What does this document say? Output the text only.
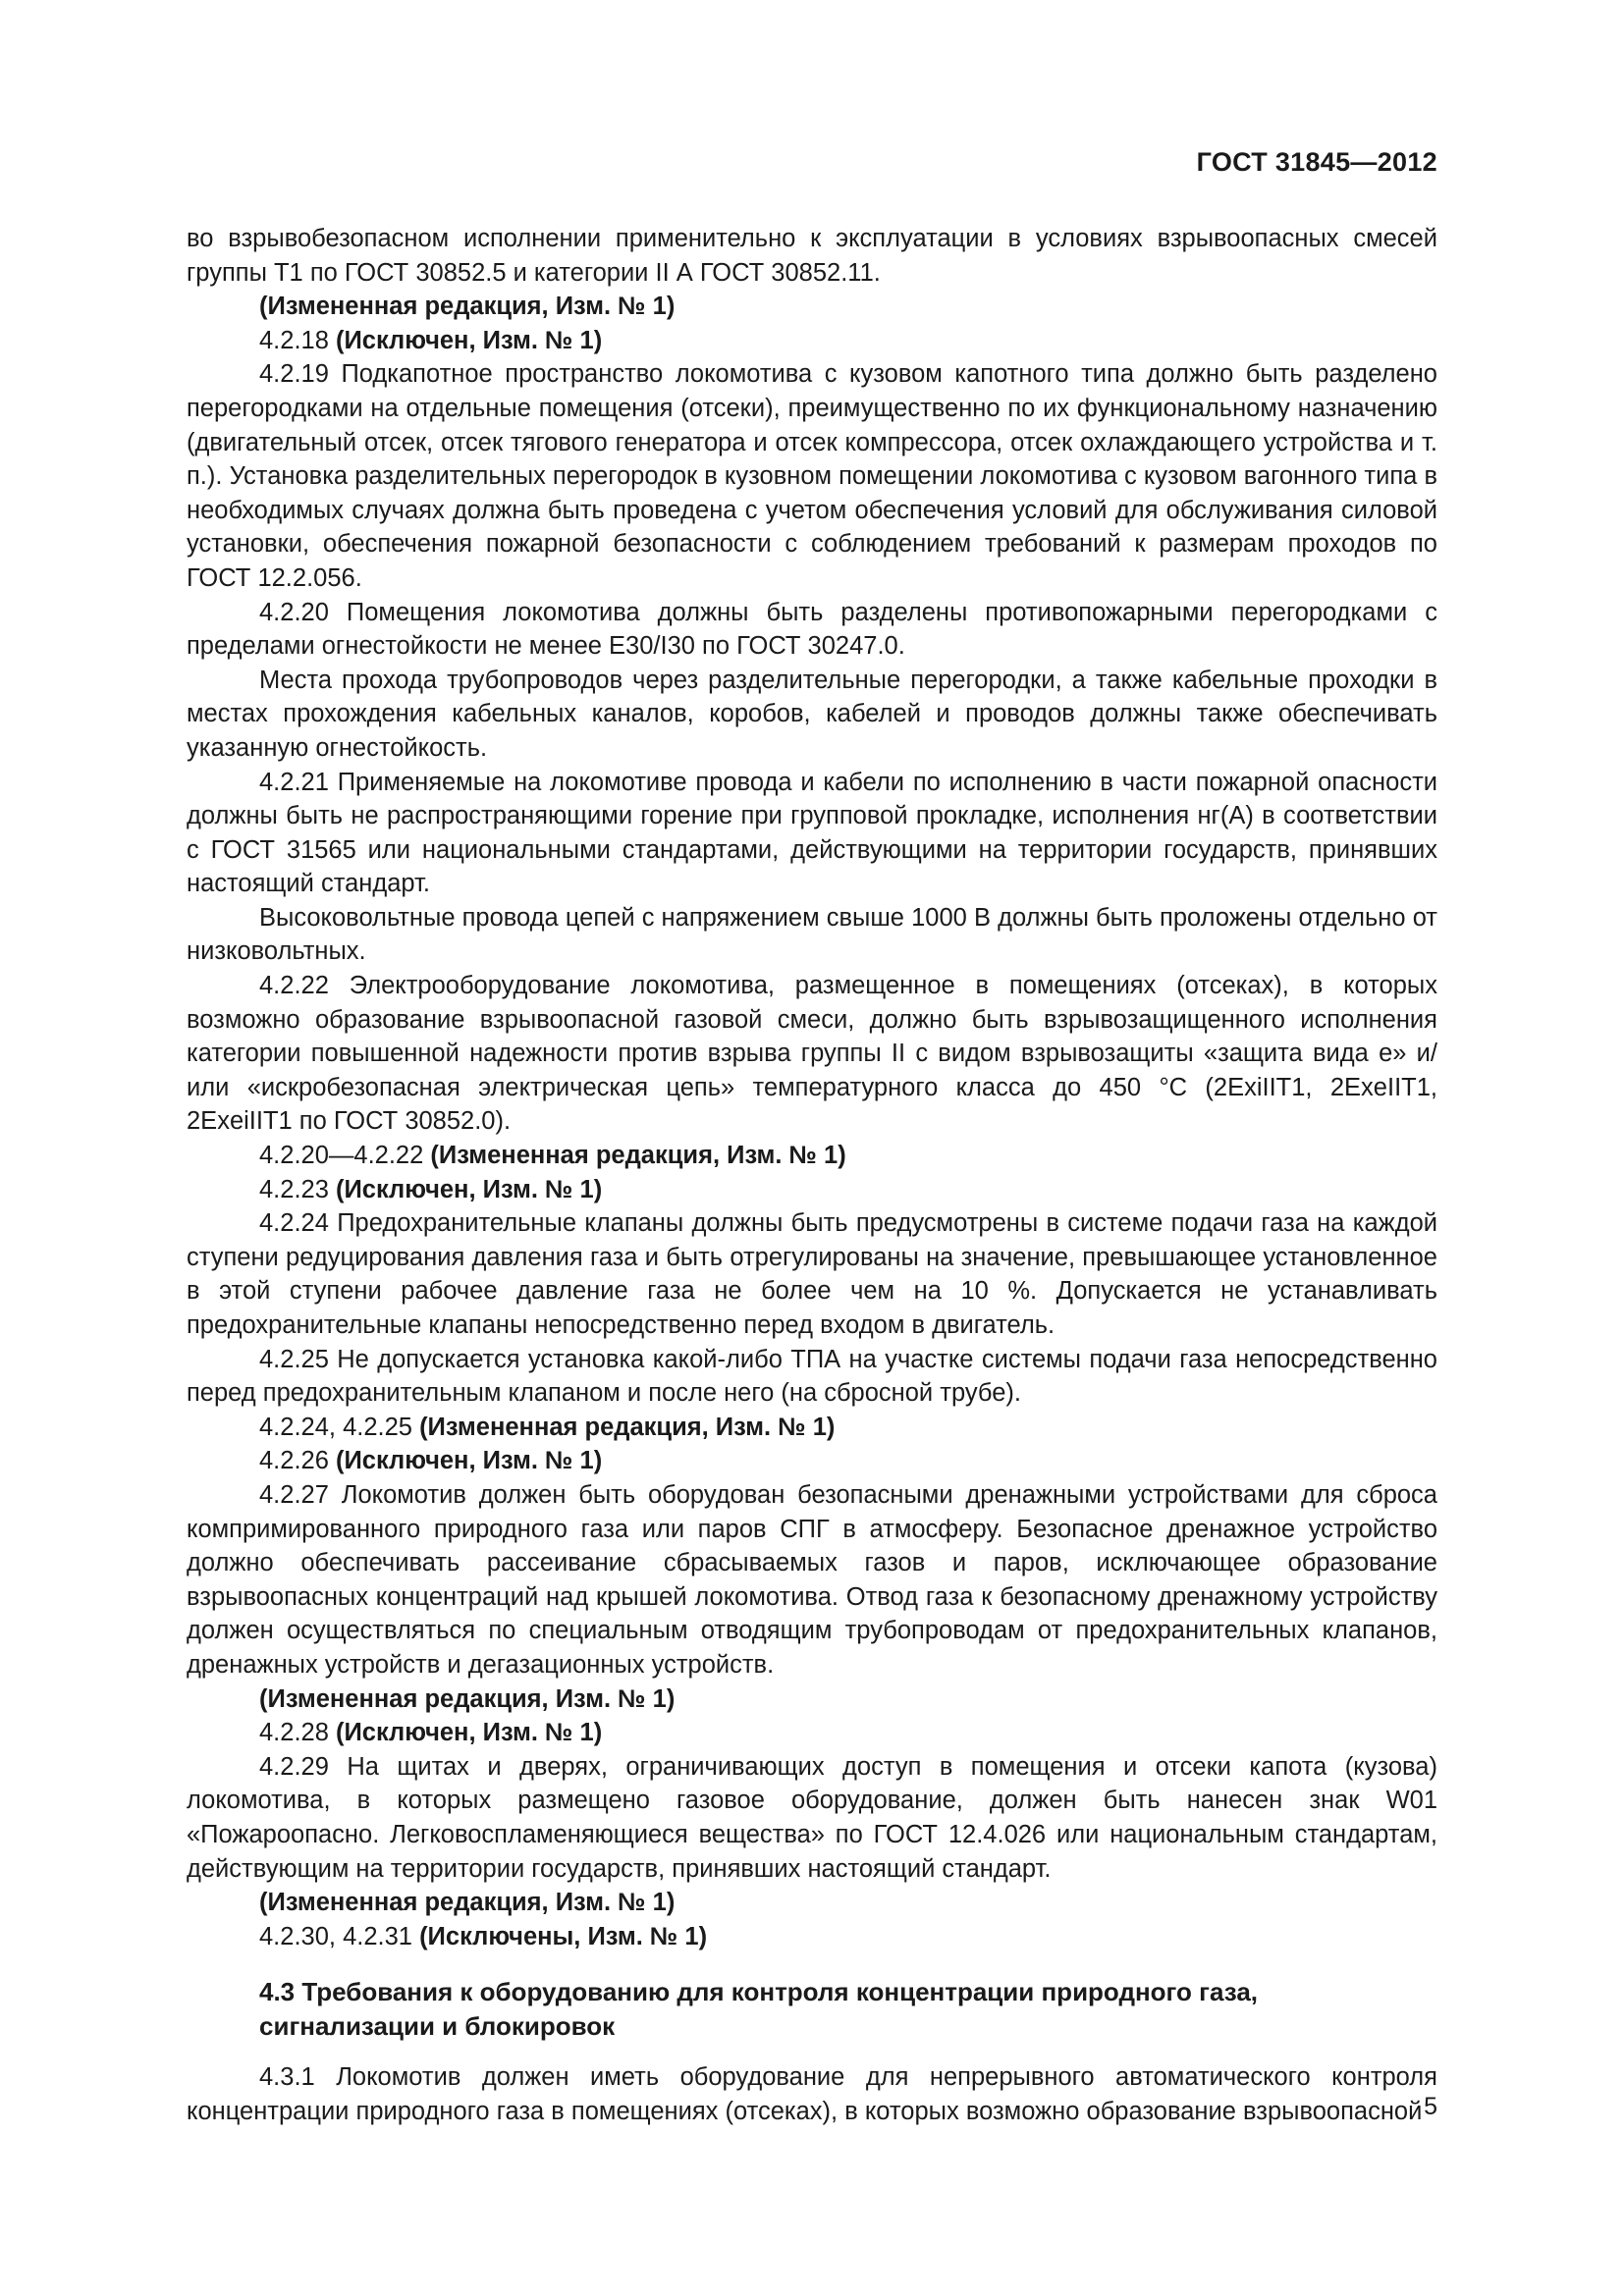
ГОСТ 31845—2012

во взрывобезопасном исполнении применительно к эксплуатации в условиях взрывоопасных смесей группы Т1 по ГОСТ 30852.5 и категории II А ГОСТ 30852.11.

(Измененная редакция, Изм. № 1)

4.2.18 (Исключен, Изм. № 1)

4.2.19 Подкапотное пространство локомотива с кузовом капотного типа должно быть разделено перегородками на отдельные помещения (отсеки), преимущественно по их функциональному назначению (двигательный отсек, отсек тягового генератора и отсек компрессора, отсек охлаждающего устройства и т. п.). Установка разделительных перегородок в кузовном помещении локомотива с кузовом вагонного типа в необходимых случаях должна быть проведена с учетом обеспечения условий для обслуживания силовой установки, обеспечения пожарной безопасности с соблюдением требований к размерам проходов по ГОСТ 12.2.056.

4.2.20 Помещения локомотива должны быть разделены противопожарными перегородками с пределами огнестойкости не менее Е30/I30 по ГОСТ 30247.0.

Места прохода трубопроводов через разделительные перегородки, а также кабельные проходки в местах прохождения кабельных каналов, коробов, кабелей и проводов должны также обеспечивать указанную огнестойкость.

4.2.21 Применяемые на локомотиве провода и кабели по исполнению в части пожарной опасности должны быть не распространяющими горение при групповой прокладке, исполнения нг(А) в соответствии с ГОСТ 31565 или национальными стандартами, действующими на территории государств, принявших настоящий стандарт.

Высоковольтные провода цепей с напряжением свыше 1000 В должны быть проложены отдельно от низковольтных.

4.2.22 Электрооборудование локомотива, размещенное в помещениях (отсеках), в которых возможно образование взрывоопасной газовой смеси, должно быть взрывозащищенного исполнения категории повышенной надежности против взрыва группы II с видом взрывозащиты «защита вида е» и/или «искробезопасная электрическая цепь» температурного класса до 450 °С (2ExiIIT1, 2ExeIIT1, 2ExeiIIT1 по ГОСТ 30852.0).

4.2.20—4.2.22 (Измененная редакция, Изм. № 1)

4.2.23 (Исключен, Изм. № 1)

4.2.24 Предохранительные клапаны должны быть предусмотрены в системе подачи газа на каждой ступени редуцирования давления газа и быть отрегулированы на значение, превышающее установленное в этой ступени рабочее давление газа не более чем на 10 %. Допускается не устанавливать предохранительные клапаны непосредственно перед входом в двигатель.

4.2.25 Не допускается установка какой-либо ТПА на участке системы подачи газа непосредственно перед предохранительным клапаном и после него (на сбросной трубе).

4.2.24, 4.2.25 (Измененная редакция, Изм. № 1)

4.2.26 (Исключен, Изм. № 1)

4.2.27 Локомотив должен быть оборудован безопасными дренажными устройствами для сброса компримированного природного газа или паров СПГ в атмосферу. Безопасное дренажное устройство должно обеспечивать рассеивание сбрасываемых газов и паров, исключающее образование взрывоопасных концентраций над крышей локомотива. Отвод газа к безопасному дренажному устройству должен осуществляться по специальным отводящим трубопроводам от предохранительных клапанов, дренажных устройств и дегазационных устройств.

(Измененная редакция, Изм. № 1)

4.2.28 (Исключен, Изм. № 1)

4.2.29 На щитах и дверях, ограничивающих доступ в помещения и отсеки капота (кузова) локомотива, в которых размещено газовое оборудование, должен быть нанесен знак W01 «Пожароопасно. Легковоспламеняющиеся вещества» по ГОСТ 12.4.026 или национальным стандартам, действующим на территории государств, принявших настоящий стандарт.

(Измененная редакция, Изм. № 1)

4.2.30, 4.2.31 (Исключены, Изм. № 1)

4.3 Требования к оборудованию для контроля концентрации природного газа,
сигнализации и блокировок

4.3.1 Локомотив должен иметь оборудование для непрерывного автоматического контроля концентрации природного газа в помещениях (отсеках), в которых возможно образование взрывоопасной 5
